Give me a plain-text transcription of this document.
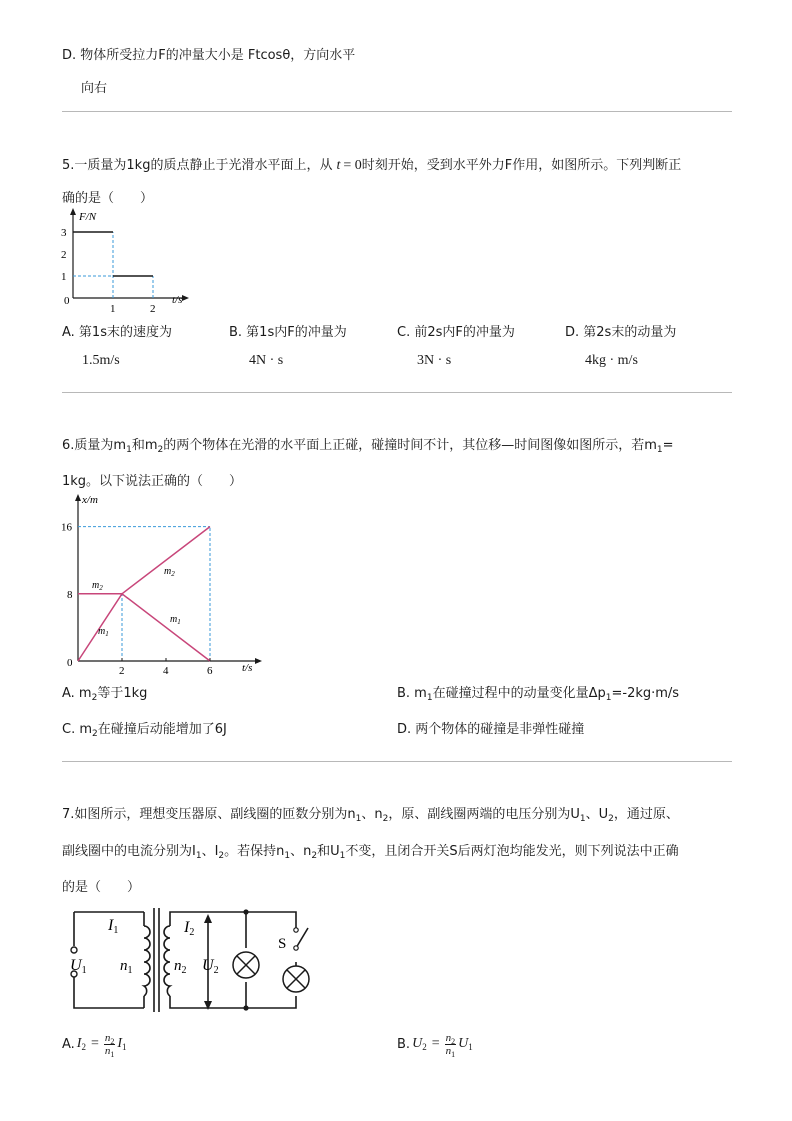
D. 物体所受拉力F的冲量大小是 Ftcosθ，方向水平
向右
5.一质量为1kg的质点静止于光滑水平面上，从 t = 0时刻开始，受到水平外力F作用，如图所示。下列判断正
确的是（　　）
1	2
1
2
3
F/N
t/s
0
A. 第1s末的速度为
1.5m/s
B. 第1s内F的冲量为
4N · s
C. 前2s内F的冲量为
3N · s
D. 第2s末的动量为
4kg · m/s
6.质量为$m_1$和$m_2$的两个物体在光滑的水平面上正碰，碰撞时间不计，其位移—时间图像如图所示，若$m_1=$
1kg。以下说法正确的（　　）
2	4	6
8
16
x/m
t/s
0
$m_2$
$m_2$
$m_1$
$m_1$
A. $m_2$等于1kg	B. $m_1$在碰撞过程中的动量变化量$\Delta p_1=-2kg\cdot m/s$
C. $m_2$在碰撞后动能增加了6J	D. 两个物体的碰撞是非弹性碰撞
7.如图所示，理想变压器原、副线圈的匝数分别为$n_1$、$n_2$，原、副线圈两端的电压分别为$U_1$、$U_2$，通过原、
副线圈中的电流分别为$I_1$、$I_2$。若保持$n_1$、$n_2$和$U_1$不变，且闭合开关S后两灯泡均能发光，则下列说法中正确
的是（　　）
I1
U1 $n_1$	$n_2$
I2
U2
S
A. $I_2 = \frac{n_2}{n_1} I_1$	B. $U_2 = \frac{n_2}{n_1} U_1$
